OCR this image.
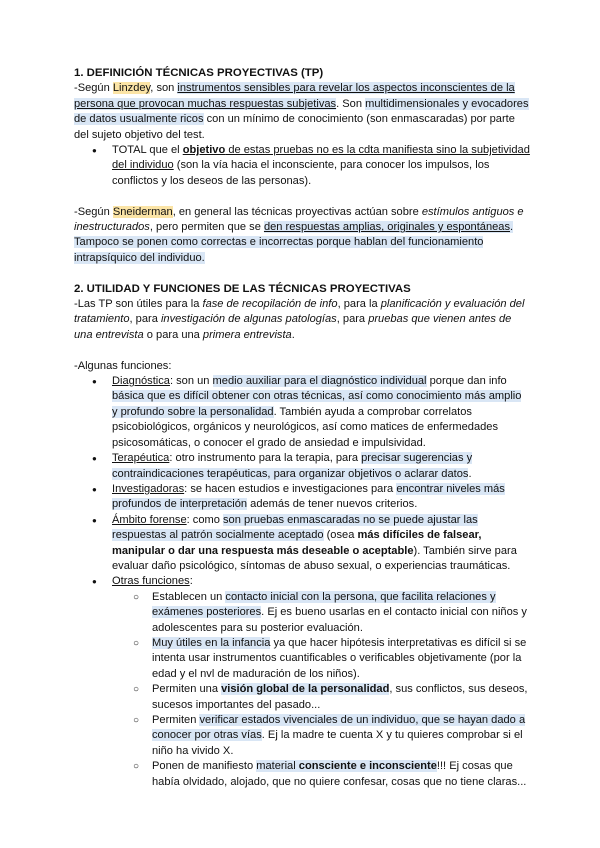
1. DEFINICIÓN TÉCNICAS PROYECTIVAS (TP)

-Según Linzdey, son instrumentos sensibles para revelar los aspectos inconscientes de la persona que provocan muchas respuestas subjetivas. Son multidimensionales y evocadores de datos usualmente ricos con un mínimo de conocimiento (son enmascaradas) por parte del sujeto objetivo del test.

● TOTAL que el objetivo de estas pruebas no es la cdta manifiesta sino la subjetividad del individuo (son la vía hacia el inconsciente, para conocer los impulsos, los conflictos y los deseos de las personas).

-Según Sneiderman, en general las técnicas proyectivas actúan sobre estímulos antiguos e inestructurados, pero permiten que se den respuestas amplias, originales y espontáneas. Tampoco se ponen como correctas e incorrectas porque hablan del funcionamiento intrapsíquico del individuo.

2. UTILIDAD Y FUNCIONES DE LAS TÉCNICAS PROYECTIVAS

-Las TP son útiles para la fase de recopilación de info, para la planificación y evaluación del tratamiento, para investigación de algunas patologías, para pruebas que vienen antes de una entrevista o para una primera entrevista.

-Algunas funciones:

● Diagnóstica: son un medio auxiliar para el diagnóstico individual porque dan info básica que es difícil obtener con otras técnicas, así como conocimiento más amplio y profundo sobre la personalidad. También ayuda a comprobar correlatos psicobiológicos, orgánicos y neurológicos, así como matices de enfermedades psicosomáticas, o conocer el grado de ansiedad e impulsividad.
● Terapéutica: otro instrumento para la terapia, para precisar sugerencias y contraindicaciones terapéuticas, para organizar objetivos o aclarar datos.
● Investigadoras: se hacen estudios e investigaciones para encontrar niveles más profundos de interpretación además de tener nuevos criterios.
● Ámbito forense: como son pruebas enmascaradas no se puede ajustar las respuestas al patrón socialmente aceptado (osea más difíciles de falsear, manipular o dar una respuesta más deseable o aceptable). También sirve para evaluar daño psicológico, síntomas de abuso sexual, o experiencias traumáticas.
● Otras funciones:
○ Establecen un contacto inicial con la persona, que facilita relaciones y exámenes posteriores. Ej es bueno usarlas en el contacto inicial con niños y adolescentes para su posterior evaluación.
○ Muy útiles en la infancia ya que hacer hipótesis interpretativas es difícil si se intenta usar instrumentos cuantificables o verificables objetivamente (por la edad y el nvl de maduración de los niños).
○ Permiten una visión global de la personalidad, sus conflictos, sus deseos, sucesos importantes del pasado...
○ Permiten verificar estados vivenciales de un individuo, que se hayan dado a conocer por otras vías. Ej la madre te cuenta X y tu quieres comprobar si el niño ha vivido X.
○ Ponen de manifiesto material consciente e inconsciente!!! Ej cosas que había olvidado, alojado, que no quiere confesar, cosas que no tiene claras...
